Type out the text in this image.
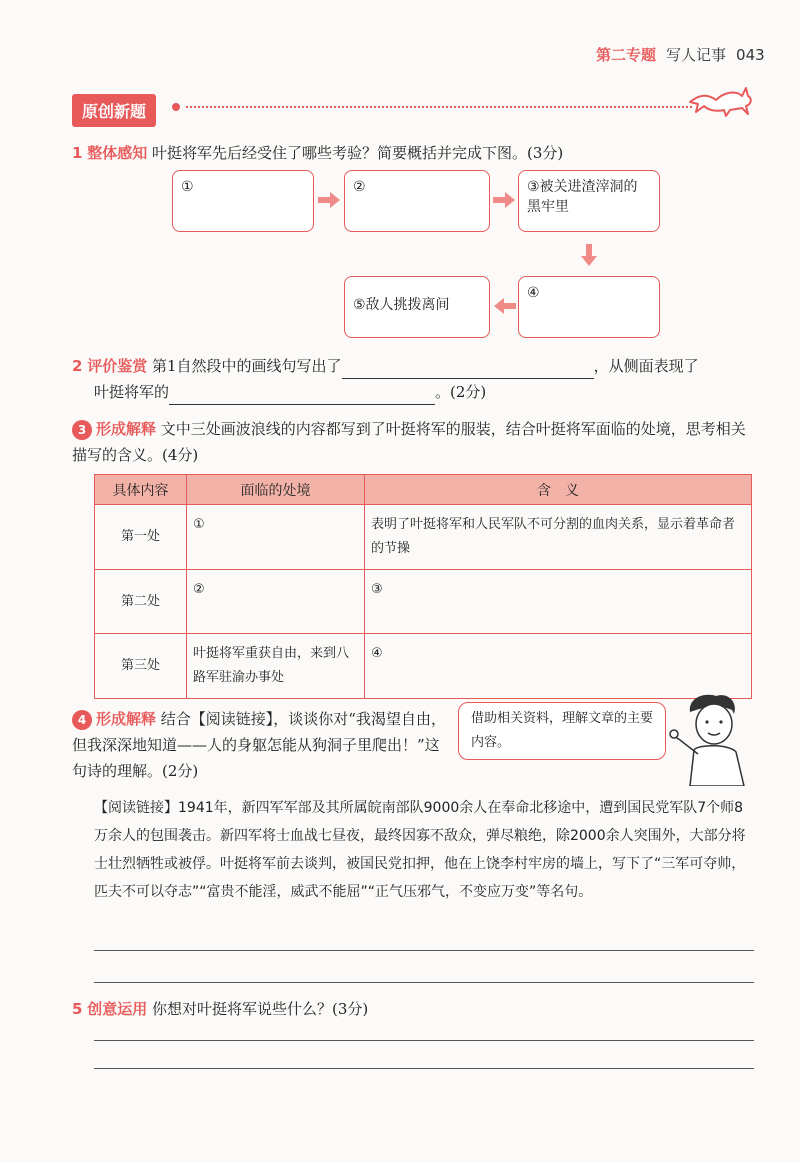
第二专题 写人记事 043
原创新题
1 整体感知 叶挺将军先后经受住了哪些考验？简要概括并完成下图。(3分)
①	②	③被关进渣滓洞的黑牢里
④
⑤敌人挑拨离间
2 评价鉴赏 第1自然段中的画线句写出了	，从侧面表现了
叶挺将军的	。(2分)
3 形成解释 文中三处画波浪线的内容都写到了叶挺将军的服装，结合叶挺将军面临的处境，思考相关描写的含义。(4分)
具体内容	面临的处境	含　义
第一处	①	表明了叶挺将军和人民军队不可分割的血肉关系，显示着革命者的节操
第二处	②	③
第三处	叶挺将军重获自由，来到八路军驻渝办事处	④
4 形成解释 结合【阅读链接】，谈谈你对“我渴望自由，但我深深地知道——人的身躯怎能从狗洞子里爬出！”这句诗的理解。(2分)
借助相关资料，理解文章的主要内容。
【阅读链接】1941年，新四军军部及其所属皖南部队9000余人在奉命北移途中，遭到国民党军队7个师8万余人的包围袭击。新四军将士血战七昼夜，最终因寡不敌众，弹尽粮绝，除2000余人突围外，大部分将士壮烈牺牲或被俘。叶挺将军前去谈判，被国民党扣押，他在上饶李村牢房的墙上，写下了“三军可夺帅，匹夫不可以夺志”“富贵不能淫，威武不能屈”“正气压邪气，不变应万变”等名句。
5 创意运用 你想对叶挺将军说些什么？(3分)
